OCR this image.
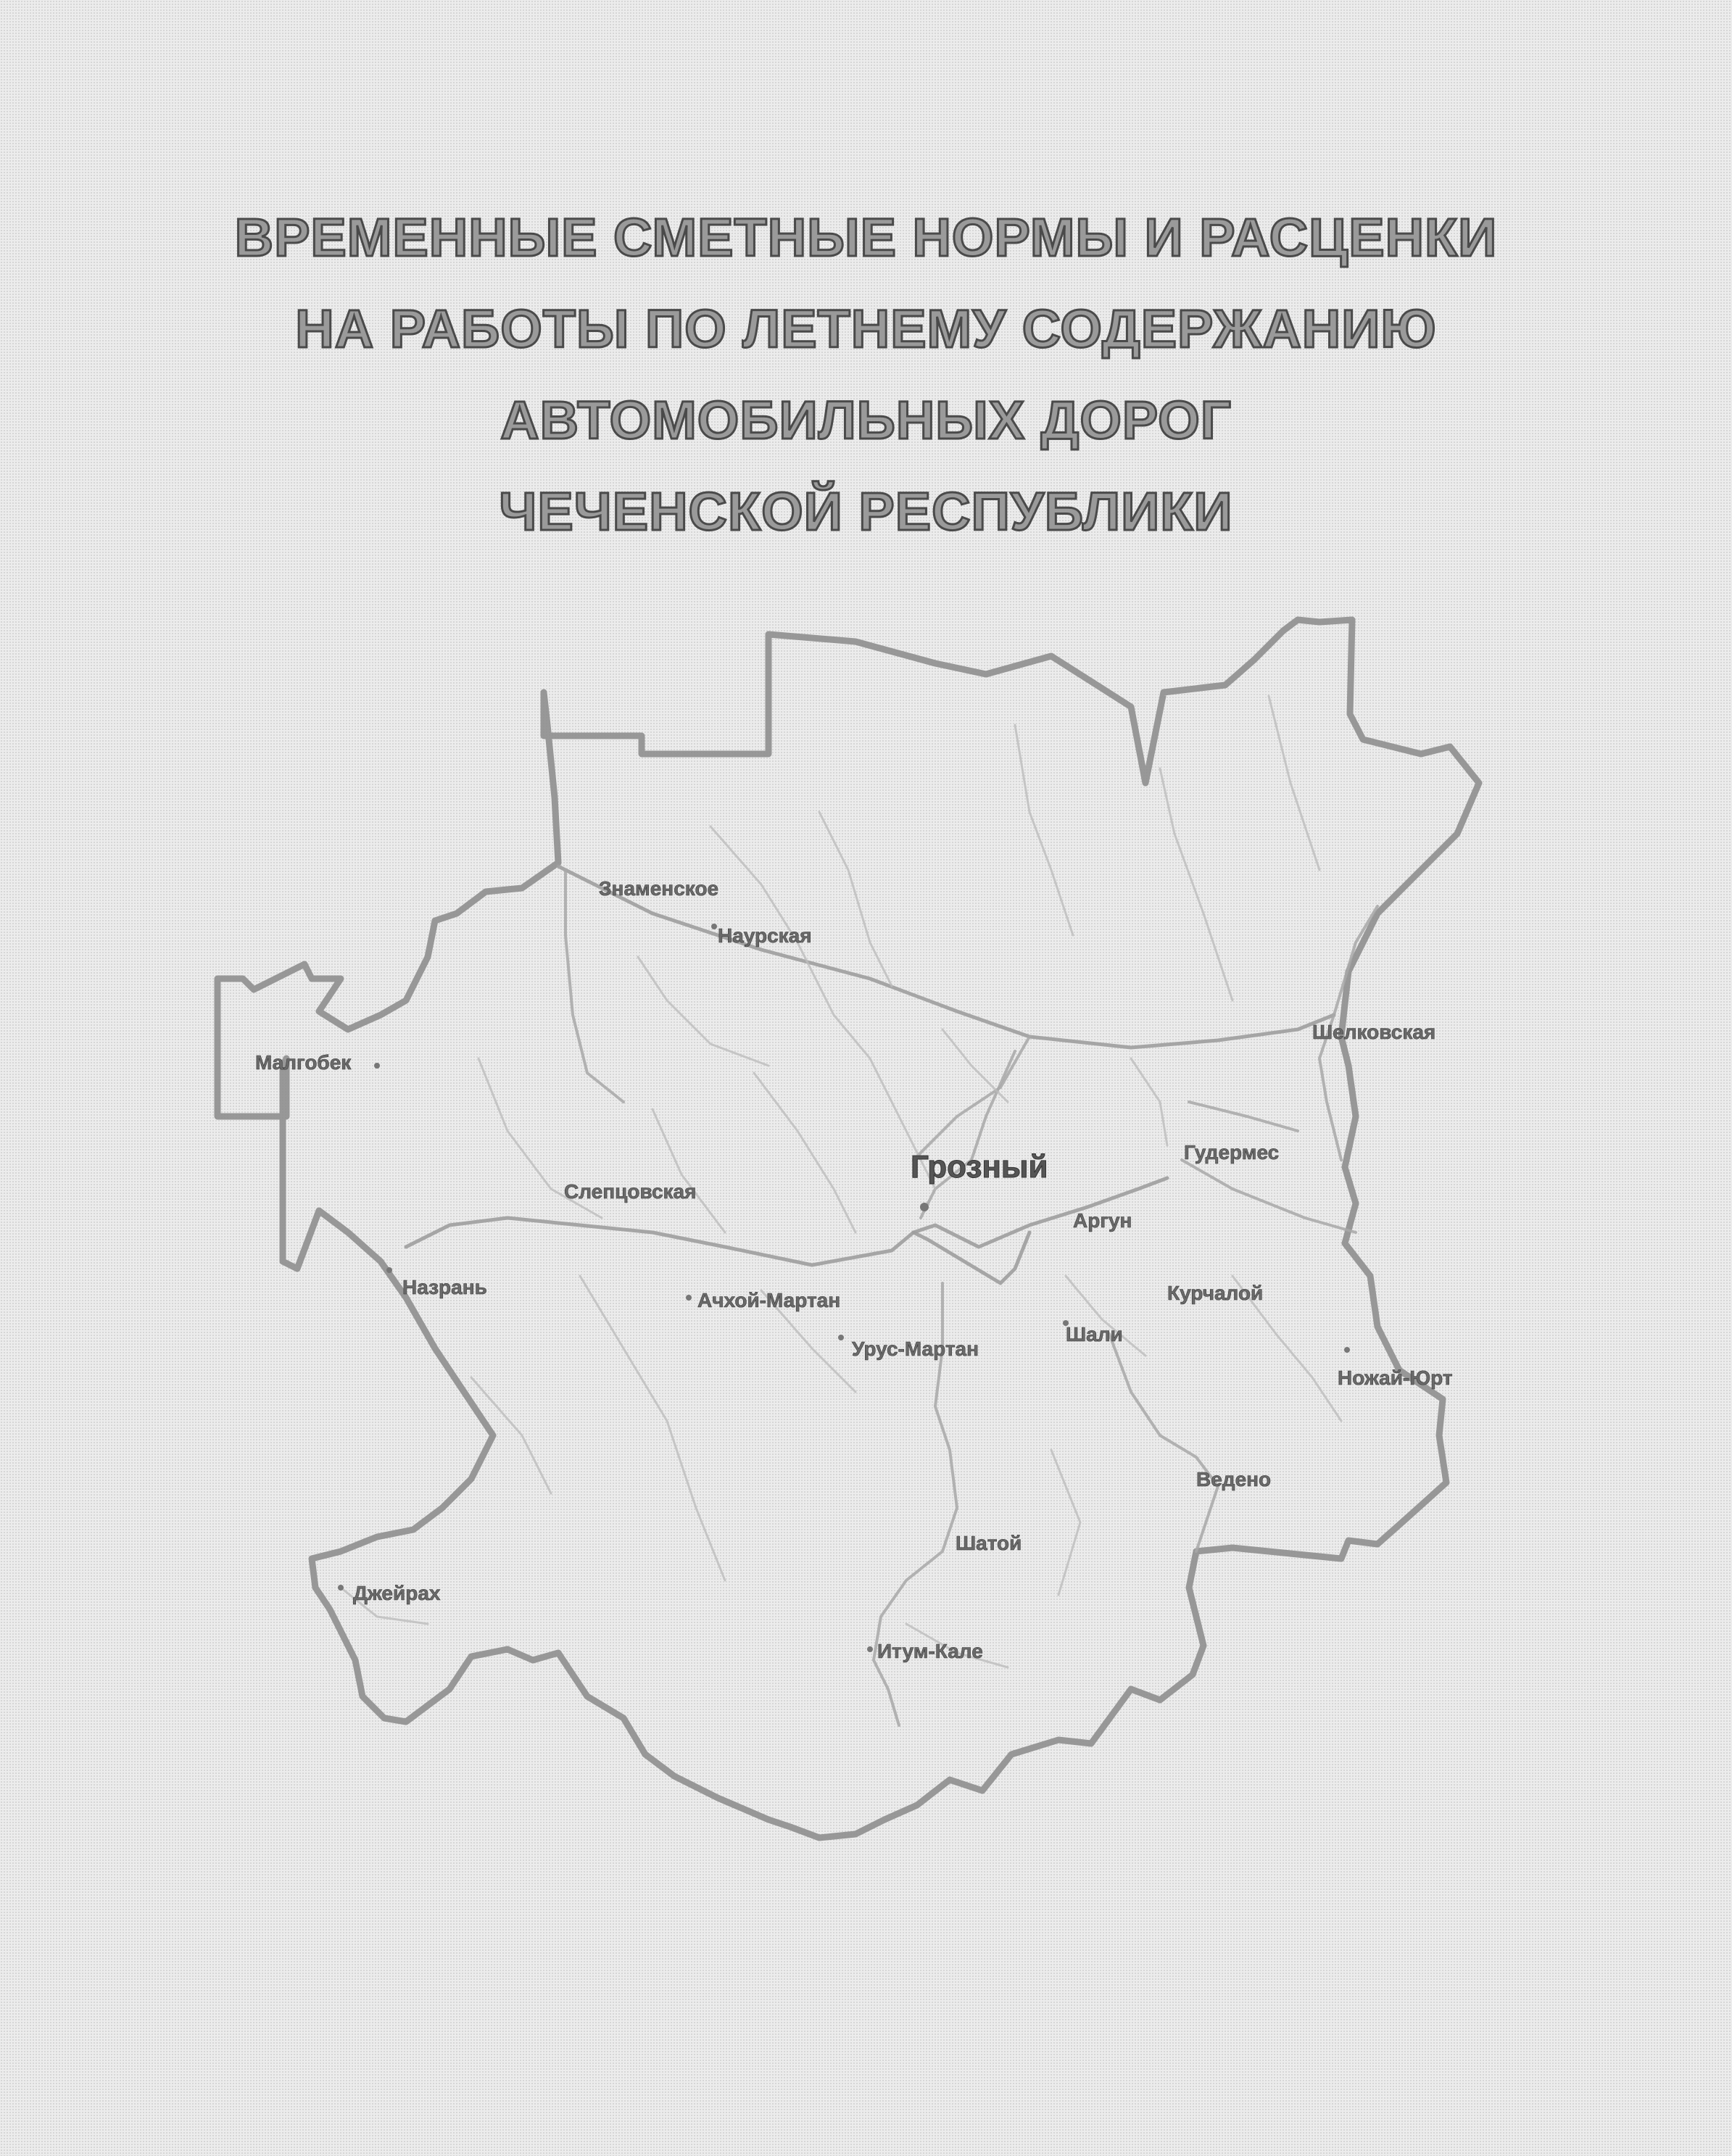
ВРЕМЕННЫЕ СМЕТНЫЕ НОРМЫ И РАСЦЕНКИ
НА РАБОТЫ ПО ЛЕТНЕМУ СОДЕРЖАНИЮ
АВТОМОБИЛЬНЫХ ДОРОГ
ЧЕЧЕНСКОЙ РЕСПУБЛИКИ
Знаменское
Наурская
Малгобек
Шелковская
Гудермес
Грозный
Слепцовская
Аргун
Назрань
Ачхой-Мартан	Курчалой
Урус-Мартан
Шали
Ножай-Юрт
Ведено
Шатой
Джейрах
Итум-Кале
